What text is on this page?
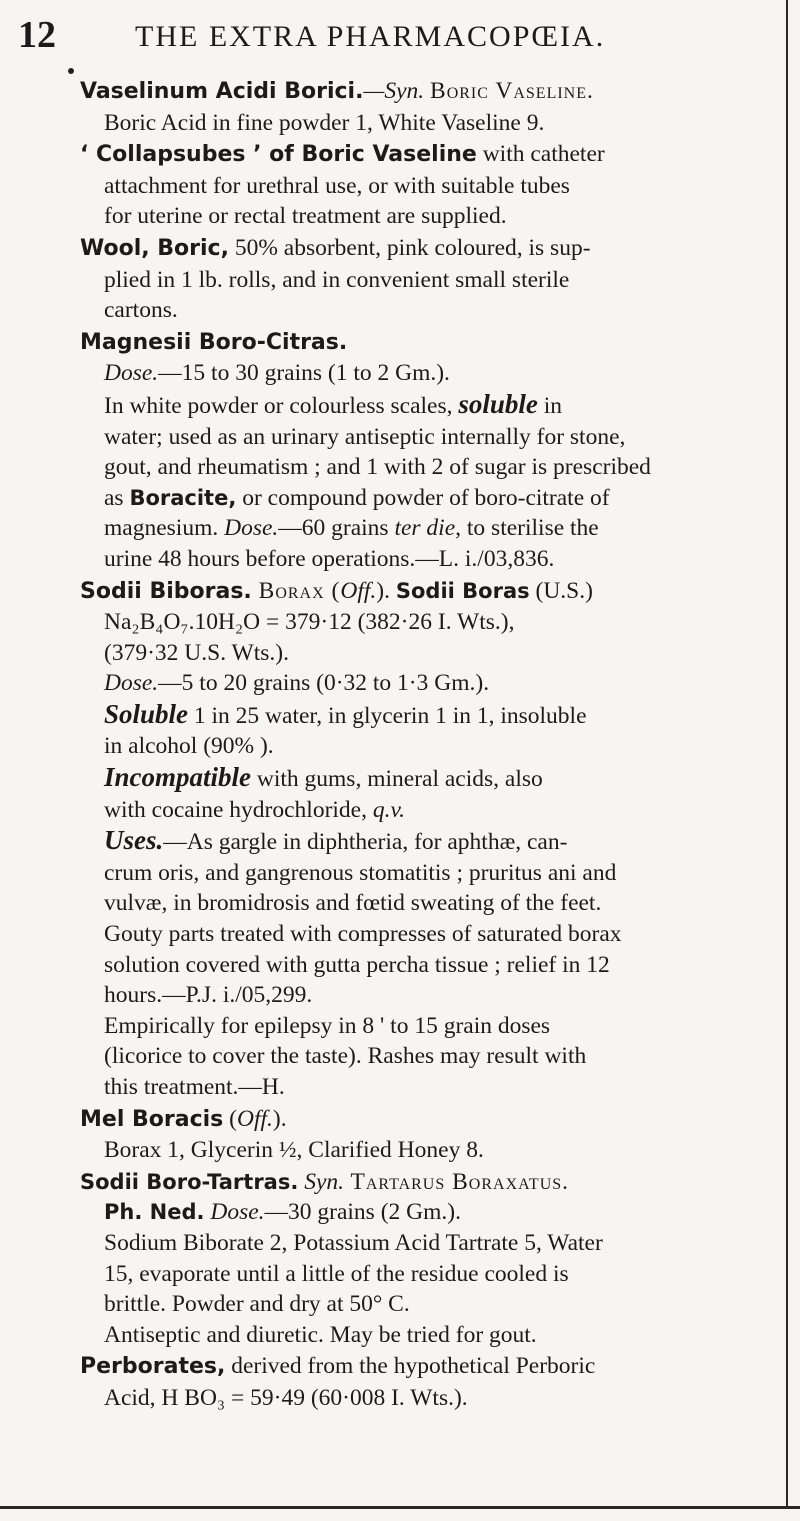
12	THE EXTRA PHARMACOPŒIA.
Vaselinum Acidi Borici.—Syn. Boric Vaseline.
Boric Acid in fine powder 1, White Vaseline 9.
‘ Collapsubes ’ of Boric Vaseline with catheter
attachment for urethral use, or with suitable tubes
for uterine or rectal treatment are supplied.
Wool, Boric, 50% absorbent, pink coloured, is sup-
plied in 1 lb. rolls, and in convenient small sterile
cartons.
Magnesii Boro-Citras.
Dose.—15 to 30 grains (1 to 2 Gm.).
In white powder or colourless scales, soluble in
water; used as an urinary antiseptic internally for stone,
gout, and rheumatism ; and 1 with 2 of sugar is prescribed
as Boracite, or compound powder of boro-citrate of
magnesium. Dose.—60 grains ter die, to sterilise the
urine 48 hours before operations.—L. i./03,836.
Sodii Biboras. Borax (Off.). Sodii Boras (U.S.)
Na₂B₄O₇.10H₂O = 379·12 (382·26 I. Wts.),
(379·32 U.S. Wts.).
Dose.—5 to 20 grains (0·32 to 1·3 Gm.).
Soluble 1 in 25 water, in glycerin 1 in 1, insoluble
in alcohol (90% ).
Incompatible with gums, mineral acids, also
with cocaine hydrochloride, q.v.
Uses.—As gargle in diphtheria, for aphthæ, can-
crum oris, and gangrenous stomatitis ; pruritus ani and
vulvæ, in bromidrosis and fœtid sweating of the feet.
Gouty parts treated with compresses of saturated borax
solution covered with gutta percha tissue ; relief in 12
hours.—P.J. i./05,299.
Empirically for epilepsy in 8 ' to 15 grain doses
(licorice to cover the taste). Rashes may result with
this treatment.—H.
Mel Boracis (Off.).
Borax 1, Glycerin ½, Clarified Honey 8.
Sodii Boro-Tartras. Syn. Tartarus Boraxatus.
Ph. Ned. Dose.—30 grains (2 Gm.).
Sodium Biborate 2, Potassium Acid Tartrate 5, Water
15, evaporate until a little of the residue cooled is
brittle. Powder and dry at 50° C.
Antiseptic and diuretic. May be tried for gout.
Perborates, derived from the hypothetical Perboric
Acid, H BO₃ = 59·49 (60·008 I. Wts.).
